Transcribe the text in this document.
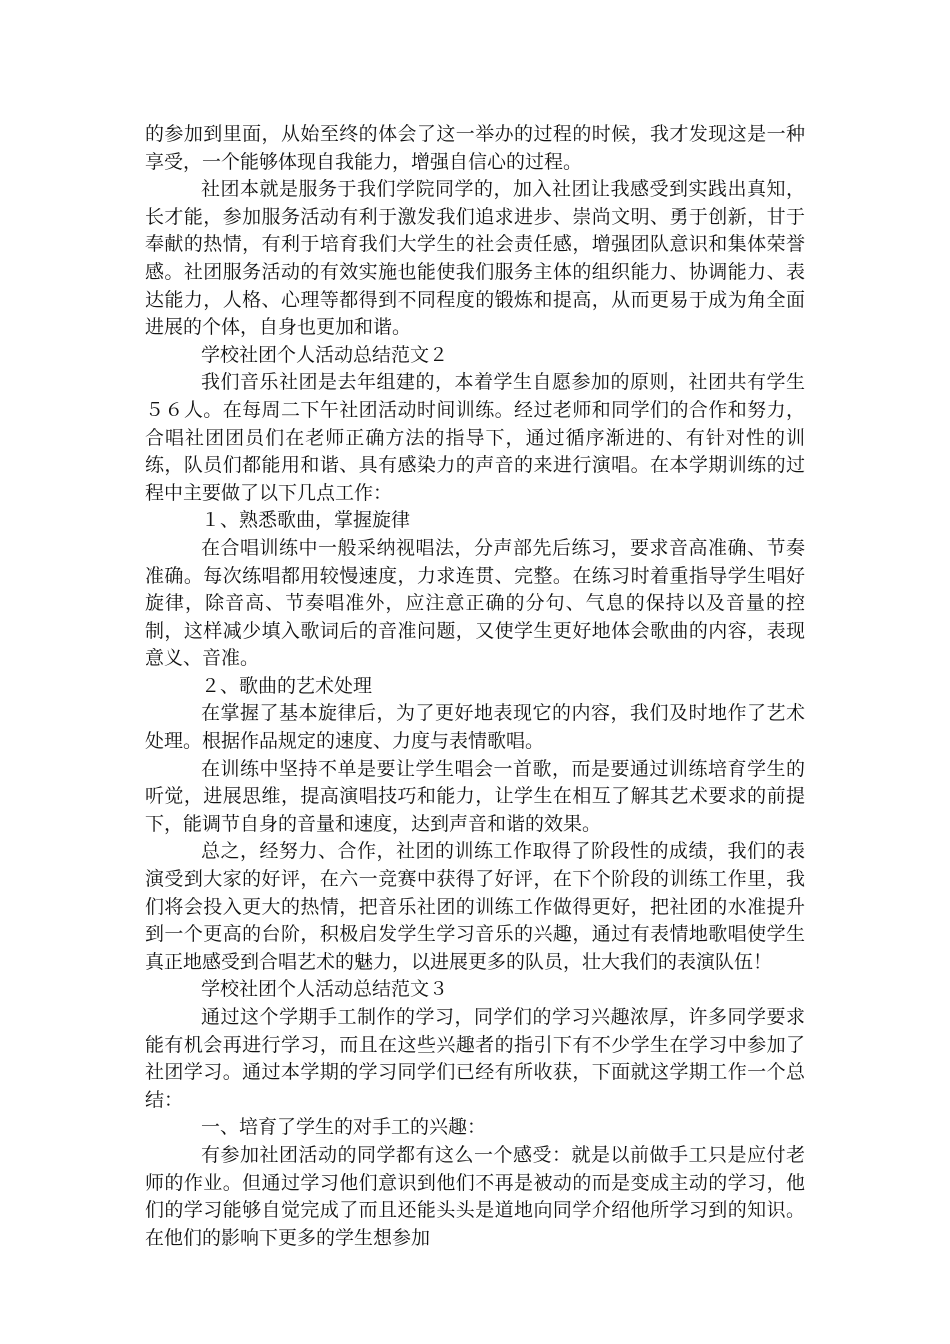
的参加到里面，从始至终的体会了这一举办的过程的时候，我才发现这是一种享受，一个能够体现自我能力，增强自信心的过程。

社团本就是服务于我们学院同学的，加入社团让我感受到实践出真知，长才能，参加服务活动有利于激发我们追求进步、崇尚文明、勇于创新，甘于奉献的热情，有利于培育我们大学生的社会责任感，增强团队意识和集体荣誉感。社团服务活动的有效实施也能使我们服务主体的组织能力、协调能力、表达能力，人格、心理等都得到不同程度的锻炼和提高，从而更易于成为角全面进展的个体，自身也更加和谐。

学校社团个人活动总结范文２

我们音乐社团是去年组建的，本着学生自愿参加的原则，社团共有学生５６人。在每周二下午社团活动时间训练。经过老师和同学们的合作和努力，合唱社团团员们在老师正确方法的指导下，通过循序渐进的、有针对性的训练，队员们都能用和谐、具有感染力的声音的来进行演唱。在本学期训练的过程中主要做了以下几点工作：

１、熟悉歌曲，掌握旋律

在合唱训练中一般采纳视唱法，分声部先后练习，要求音高准确、节奏准确。每次练唱都用较慢速度，力求连贯、完整。在练习时着重指导学生唱好旋律，除音高、节奏唱准外，应注意正确的分句、气息的保持以及音量的控制，这样减少填入歌词后的音准问题，又使学生更好地体会歌曲的内容，表现意义、音准。

２、歌曲的艺术处理

在掌握了基本旋律后，为了更好地表现它的内容，我们及时地作了艺术处理。根据作品规定的速度、力度与表情歌唱。

在训练中坚持不单是要让学生唱会一首歌，而是要通过训练培育学生的听觉，进展思维，提高演唱技巧和能力，让学生在相互了解其艺术要求的前提下，能调节自身的音量和速度，达到声音和谐的效果。

总之，经努力、合作，社团的训练工作取得了阶段性的成绩，我们的表演受到大家的好评，在六一竞赛中获得了好评，在下个阶段的训练工作里，我们将会投入更大的热情，把音乐社团的训练工作做得更好，把社团的水准提升到一个更高的台阶，积极启发学生学习音乐的兴趣，通过有表情地歌唱使学生真正地感受到合唱艺术的魅力，以进展更多的队员，壮大我们的表演队伍！

学校社团个人活动总结范文３

通过这个学期手工制作的学习，同学们的学习兴趣浓厚，许多同学要求能有机会再进行学习，而且在这些兴趣者的指引下有不少学生在学习中参加了社团学习。通过本学期的学习同学们已经有所收获，下面就这学期工作一个总结：

一、培育了学生的对手工的兴趣：

有参加社团活动的同学都有这么一个感受：就是以前做手工只是应付老师的作业。但通过学习他们意识到他们不再是被动的而是变成主动的学习，他们的学习能够自觉完成了而且还能头头是道地向同学介绍他所学习到的知识。在他们的影响下更多的学生想参加
